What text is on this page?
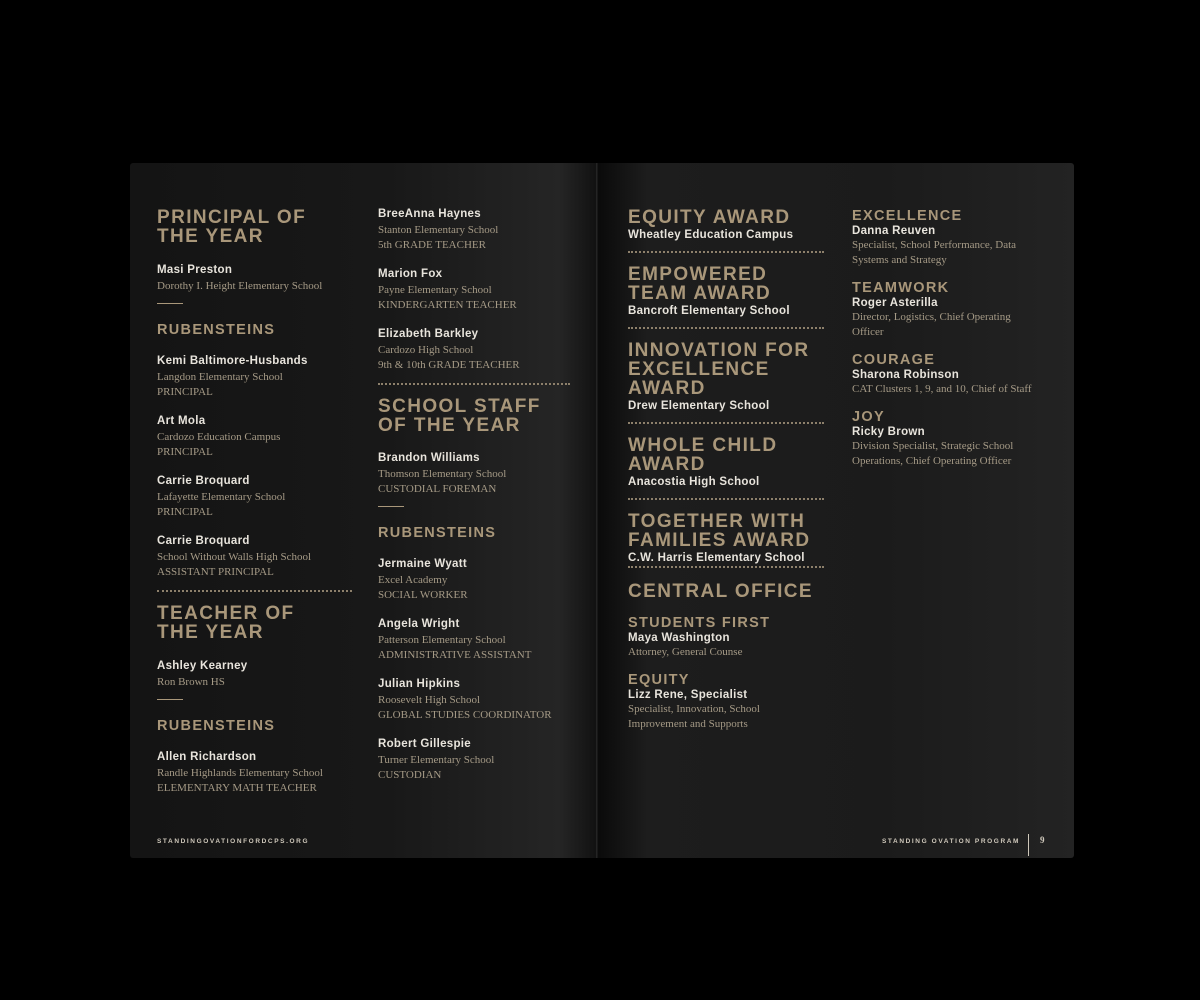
PRINCIPAL OF THE YEAR
Masi Preston
Dorothy I. Height Elementary School
RUBENSTEINS
Kemi Baltimore-Husbands
Langdon Elementary School
PRINCIPAL
Art Mola
Cardozo Education Campus
PRINCIPAL
Carrie Broquard
Lafayette Elementary School
PRINCIPAL
Carrie Broquard
School Without Walls High School
ASSISTANT PRINCIPAL
TEACHER OF THE YEAR
Ashley Kearney
Ron Brown HS
RUBENSTEINS
Allen Richardson
Randle Highlands Elementary School
ELEMENTARY MATH TEACHER
BreeAnna Haynes
Stanton Elementary School
5th GRADE TEACHER
Marion Fox
Payne Elementary School
KINDERGARTEN TEACHER
Elizabeth Barkley
Cardozo High School
9th & 10th GRADE TEACHER
SCHOOL STAFF OF THE YEAR
Brandon Williams
Thomson Elementary School
CUSTODIAL FOREMAN
RUBENSTEINS
Jermaine Wyatt
Excel Academy
SOCIAL WORKER
Angela Wright
Patterson Elementary School
ADMINISTRATIVE ASSISTANT
Julian Hipkins
Roosevelt High School
GLOBAL STUDIES COORDINATOR
Robert Gillespie
Turner Elementary School
CUSTODIAN
STANDINGOVATIONFORDCPS.ORG
EQUITY AWARD
Wheatley Education Campus
EMPOWERED
TEAM AWARD
Bancroft Elementary School
INNOVATION FOR
EXCELLENCE
AWARD
Drew Elementary School
WHOLE CHILD
AWARD
Anacostia High School
TOGETHER WITH
FAMILIES AWARD
C.W. Harris Elementary School
CENTRAL OFFICE
STUDENTS FIRST
Maya Washington
Attorney, General Counse
EQUITY
Lizz Rene, Specialist
Specialist, Innovation, School Improvement and Supports
EXCELLENCE
Danna Reuven
Specialist, School Performance, Data Systems and Strategy
TEAMWORK
Roger Asterilla
Director, Logistics, Chief Operating Officer
COURAGE
Sharona Robinson
CAT Clusters 1, 9, and 10, Chief of Staff
JOY
Ricky Brown
Division Specialist, Strategic School Operations, Chief Operating Officer
STANDING OVATION PROGRAM 9
